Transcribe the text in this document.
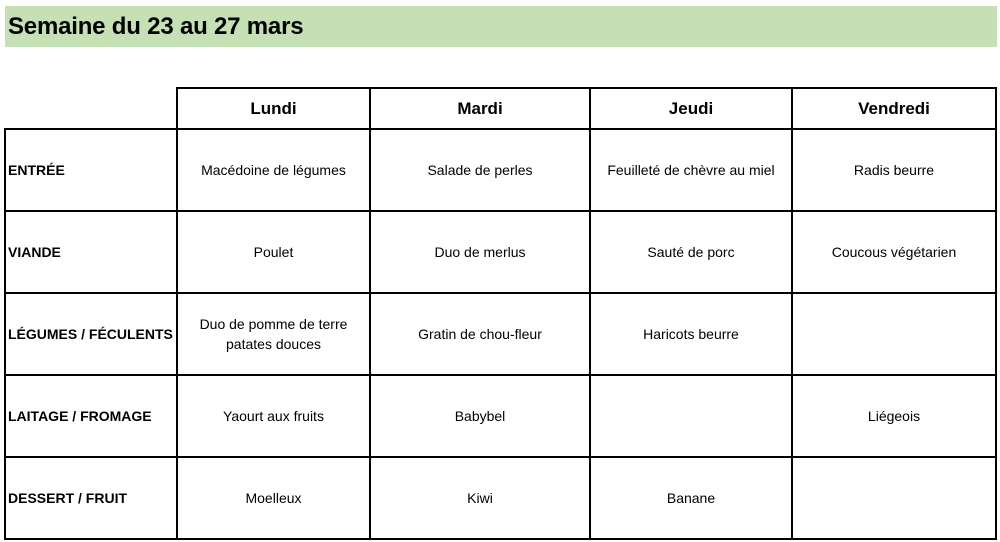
Semaine du 23 au 27 mars
	Lundi	Mardi	Jeudi	Vendredi
ENTRÉE	Macédoine de légumes	Salade de perles	Feuilleté de chèvre au miel	Radis beurre
VIANDE	Poulet	Duo de merlus	Sauté de porc	Coucous végétarien
LÉGUMES / FÉCULENTS	Duo de pomme de terre patates douces	Gratin de chou-fleur	Haricots beurre	
LAITAGE / FROMAGE	Yaourt aux fruits	Babybel		Liégeois
DESSERT / FRUIT	Moelleux	Kiwi	Banane	
